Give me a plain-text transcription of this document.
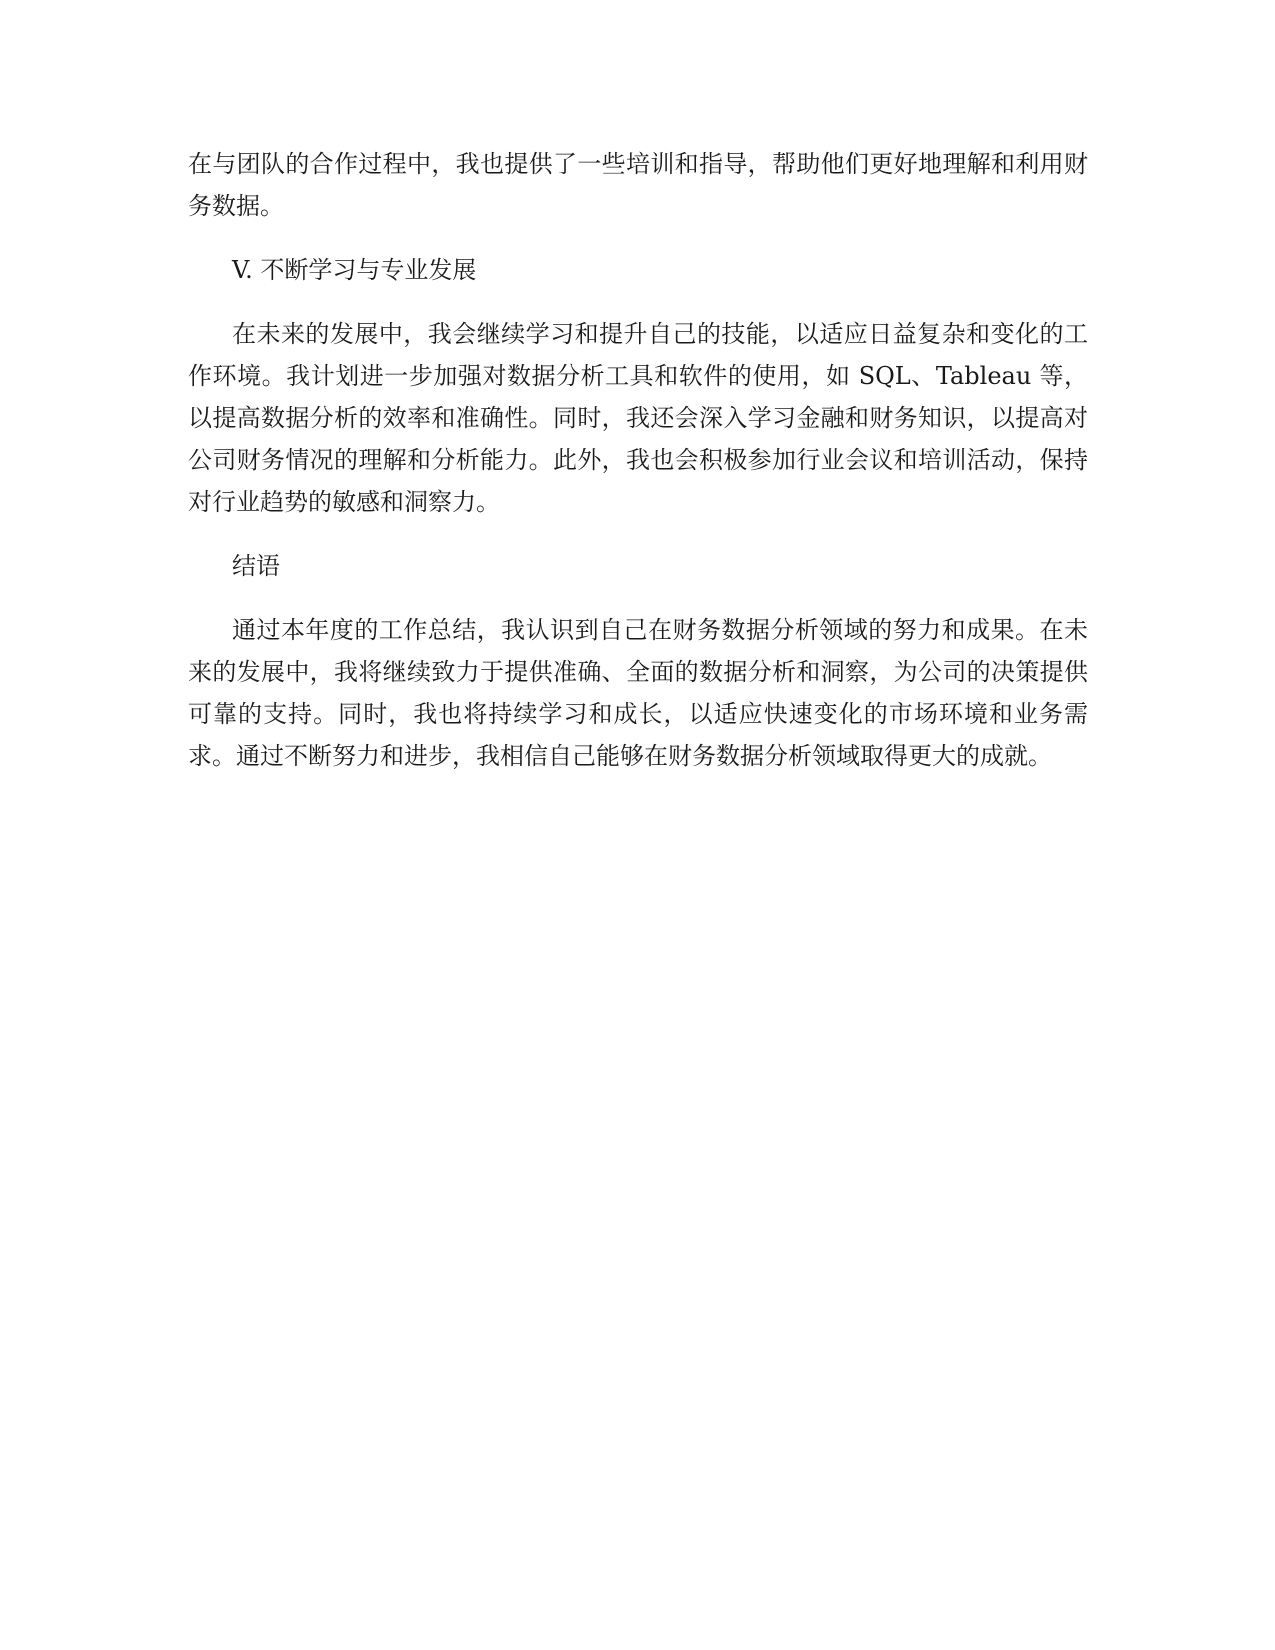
在与团队的合作过程中，我也提供了一些培训和指导，帮助他们更好地理解和利用财务数据。

V. 不断学习与专业发展

在未来的发展中，我会继续学习和提升自己的技能，以适应日益复杂和变化的工作环境。我计划进一步加强对数据分析工具和软件的使用，如 SQL、Tableau 等，以提高数据分析的效率和准确性。同时，我还会深入学习金融和财务知识，以提高对公司财务情况的理解和分析能力。此外，我也会积极参加行业会议和培训活动，保持对行业趋势的敏感和洞察力。

结语

通过本年度的工作总结，我认识到自己在财务数据分析领域的努力和成果。在未来的发展中，我将继续致力于提供准确、全面的数据分析和洞察，为公司的决策提供可靠的支持。同时，我也将持续学习和成长，以适应快速变化的市场环境和业务需求。通过不断努力和进步，我相信自己能够在财务数据分析领域取得更大的成就。
